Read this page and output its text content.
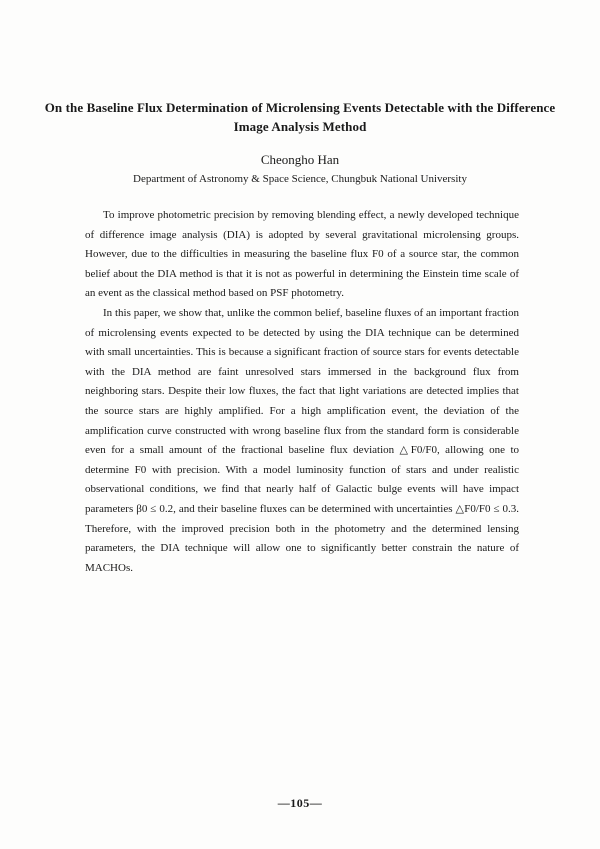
On the Baseline Flux Determination of Microlensing Events Detectable with the Difference Image Analysis Method
Cheongho Han
Department of Astronomy & Space Science, Chungbuk National University

To improve photometric precision by removing blending effect, a newly developed technique of difference image analysis (DIA) is adopted by several gravitational microlensing groups. However, due to the difficulties in measuring the baseline flux F0 of a source star, the common belief about the DIA method is that it is not as powerful in determining the Einstein time scale of an event as the classical method based on PSF photometry.

In this paper, we show that, unlike the common belief, baseline fluxes of an important fraction of microlensing events expected to be detected by using the DIA technique can be determined with small uncertainties. This is because a significant fraction of source stars for events detectable with the DIA method are faint unresolved stars immersed in the background flux from neighboring stars. Despite their low fluxes, the fact that light variations are detected implies that the source stars are highly amplified. For a high amplification event, the deviation of the amplification curve constructed with wrong baseline flux from the standard form is considerable even for a small amount of the fractional baseline flux deviation △F0/F0, allowing one to determine F0 with precision. With a model luminosity function of stars and under realistic observational conditions, we find that nearly half of Galactic bulge events will have impact parameters β0 ≤ 0.2, and their baseline fluxes can be determined with uncertainties △F0/F0 ≤ 0.3. Therefore, with the improved precision both in the photometry and the determined lensing parameters, the DIA technique will allow one to significantly better constrain the nature of MACHOs.

—105—
